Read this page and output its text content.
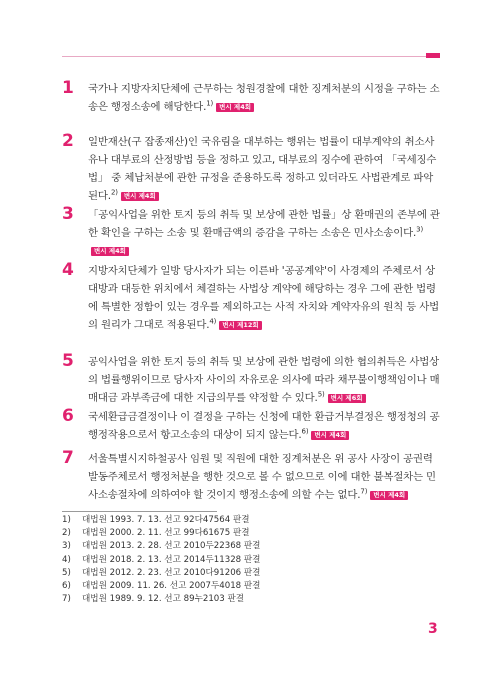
1 국가나 지방자치단체에 근무하는 청원경찰에 대한 징계처분의 시정을 구하는 소송은 행정소송에 해당한다.$^{1)}$ 변시 제4회
2 일반재산(구 잡종재산)인 국유림을 대부하는 행위는 법률이 대부계약의 취소사유나 대부료의 산정방법 등을 정하고 있고, 대부료의 징수에 관하여 「국세징수법」 중 체납처분에 관한 규정을 준용하도록 정하고 있더라도 사법관계로 파악된다.$^{2)}$ 변시 제4회
3 「공익사업을 위한 토지 등의 취득 및 보상에 관한 법률」상 환매권의 존부에 관한 확인을 구하는 소송 및 환매금액의 증감을 구하는 소송은 민사소송이다.$^{3)}$변시 제4회
4 지방자치단체가 일방 당사자가 되는 이른바 '공공계약'이 사경제의 주체로서 상대방과 대등한 위치에서 체결하는 사법상 계약에 해당하는 경우 그에 관한 법령에 특별한 정함이 있는 경우를 제외하고는 사적 자치와 계약자유의 원칙 등 사법의 원리가 그대로 적용된다.$^{4)}$ 변시 제12회
5 공익사업을 위한 토지 등의 취득 및 보상에 관한 법령에 의한 협의취득은 사법상의 법률행위이므로 당사자 사이의 자유로운 의사에 따라 채무불이행책임이나 매매대금 과부족금에 대한 지급의무를 약정할 수 있다.$^{5)}$ 변시 제6회
6 국세환급금결정이나 이 결정을 구하는 신청에 대한 환급거부결정은 행정청의 공행정작용으로서 항고소송의 대상이 되지 않는다.$^{6)}$ 변시 제4회
7 서울특별시지하철공사 임원 및 직원에 대한 징계처분은 위 공사 사장이 공권력 발동주체로서 행정처분을 행한 것으로 볼 수 없으므로 이에 대한 불복절차는 민사소송절차에 의하여야 할 것이지 행정소송에 의할 수는 없다.$^{7)}$ 변시 제4회
1) 대법원 1993. 7. 13. 선고 92다47564 판결
2) 대법원 2000. 2. 11. 선고 99다61675 판결
3) 대법원 2013. 2. 28. 선고 2010두22368 판결
4) 대법원 2018. 2. 13. 선고 2014두11328 판결
5) 대법원 2012. 2. 23. 선고 2010다91206 판결
6) 대법원 2009. 11. 26. 선고 2007두4018 판결
7) 대법원 1989. 9. 12. 선고 89누2103 판결
3
